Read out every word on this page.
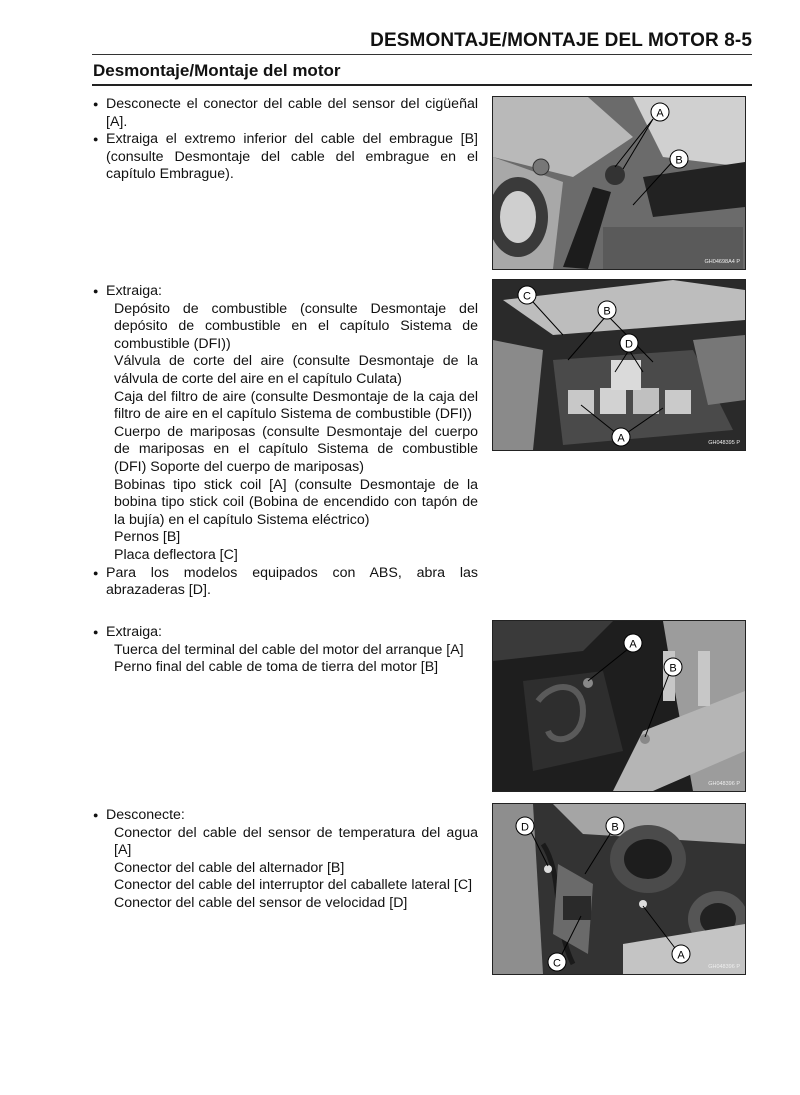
DESMONTAJE/MONTAJE DEL MOTOR 8-5
Desmontaje/Montaje del motor
● Desconecte el conector del cable del sensor del cigüeñal [A].
● Extraiga el extremo inferior del cable del embrague [B] (consulte Desmontaje del cable del embrague en el capítulo Embrague).
A
B
GH04698A4 P
● Extraiga:
Depósito de combustible (consulte Desmontaje del depósito de combustible en el capítulo Sistema de combustible (DFI))
Válvula de corte del aire (consulte Desmontaje de la válvula de corte del aire en el capítulo Culata)
Caja del filtro de aire (consulte Desmontaje de la caja del filtro de aire en el capítulo Sistema de combustible (DFI))
Cuerpo de mariposas (consulte Desmontaje del cuerpo de mariposas en el capítulo Sistema de combustible (DFI) Soporte del cuerpo de mariposas)
Bobinas tipo stick coil [A] (consulte Desmontaje de la bobina tipo stick coil (Bobina de encendido con tapón de la bujía) en el capítulo Sistema eléctrico)
Pernos [B]
Placa deflectora [C]
● Para los modelos equipados con ABS, abra las abrazaderas [D].
C
B
D
A	GH048395 P
● Extraiga:
Tuerca del terminal del cable del motor del arranque [A]
Perno final del cable de toma de tierra del motor [B]
A
B
GH048396 P
● Desconecte:
Conector del cable del sensor de temperatura del agua [A]
Conector del cable del alternador [B]
Conector del cable del interruptor del caballete lateral [C]
Conector del cable del sensor de velocidad [D]
D	B
A
C	GH048396 P
